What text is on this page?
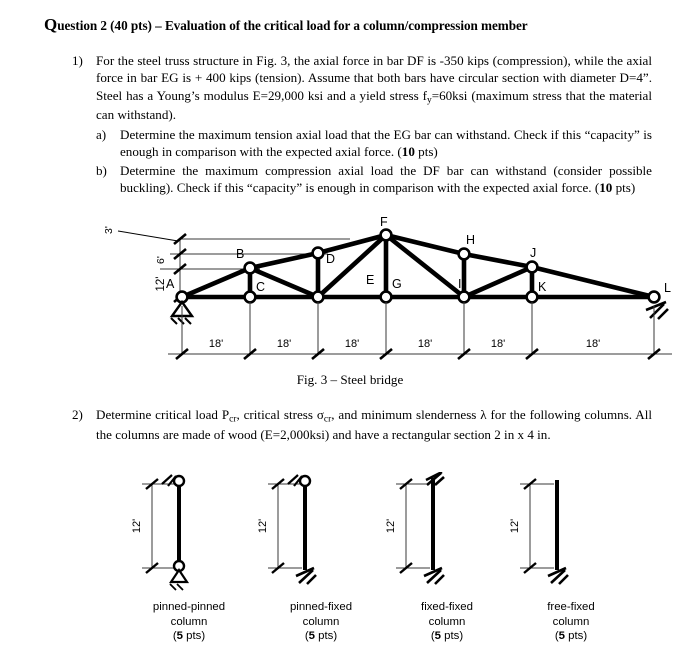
Question 2 (40 pts) – Evaluation of the critical load for a column/compression member
1) For the steel truss structure in Fig. 3, the axial force in bar DF is -350 kips (compression), while the axial force in bar EG is + 400 kips (tension). Assume that both bars have circular section with diameter D=4”. Steel has a Young’s modulus E=29,000 ksi and a yield stress $f_y=60ksi$ (maximum stress that the material can withstand).
a)	Determine the maximum tension axial load that the EG bar can withstand. Check if this “capacity” is enough in comparison with the expected axial force. (10 pts)
b) Determine the maximum compression axial load the DF bar can withstand (consider possible buckling). Check if this “capacity” is enough in comparison with the expected axial force. (10 pts)
3'
6'
12' A
B
C
D
E
F
G
H
I
J
K	L
18'	18'	18'	18'	18'	18'
Fig. 3 – Steel bridge
2) Determine critical load $P_{cr}$, critical stress $\sigma_{cr}$, and minimum slenderness λ for the following columns. All the columns are made of wood (E=2,000ksi) and have a rectangular section 2 in x 4 in.
12'	12'	12'	12'
pinned-pinned
column
(5 pts)
pinned-fixed
column
(5 pts)
fixed-fixed
column
(5 pts)
free-fixed
column
(5 pts)
